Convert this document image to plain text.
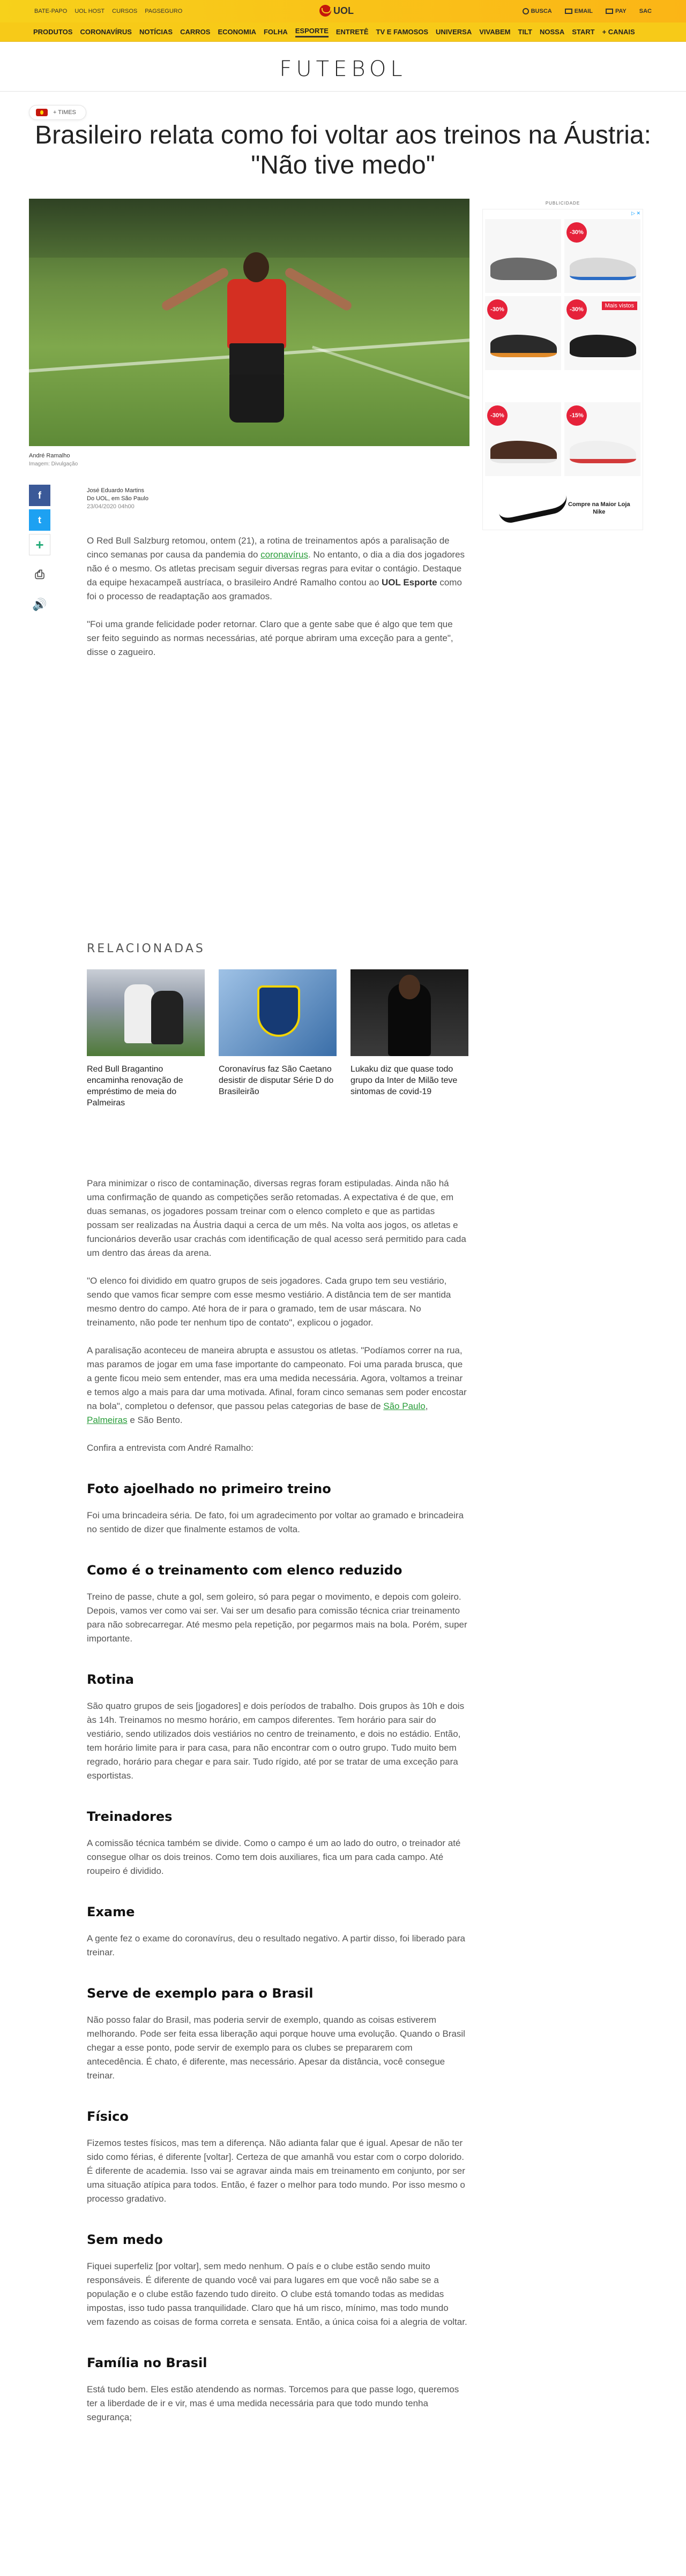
BATE-PAPO UOL HOST CURSOS PAGSEGURO	UOL	BUSCA	EMAIL	PAY SAC
PRODUTOS CORONAVÍRUS NOTÍCIAS CARROS ECONOMIA FOLHA ESPORTE ENTRETÊ TV E FAMOSOS UNIVERSA VIVABEM TILT NOSSA START + CANAIS
FUTEBOL
+ TIMES
Brasileiro relata como foi voltar aos treinos na Áustria: "Não tive medo"
André Ramalho
Imagem: Divulgação
f
t
+
⎙
🔊
José Eduardo Martins
Do UOL, em São Paulo
23/04/2020 04h00

O Red Bull Salzburg retomou, ontem (21), a rotina de treinamentos após a paralisação de cinco semanas por causa da pandemia do coronavírus. No entanto, o dia a dia dos jogadores não é o mesmo. Os atletas precisam seguir diversas regras para evitar o contágio. Destaque da equipe hexacampeã austríaca, o brasileiro André Ramalho contou ao UOL Esporte como foi o processo de readaptação aos gramados.

"Foi uma grande felicidade poder retornar. Claro que a gente sabe que é algo que tem que ser feito seguindo as normas necessárias, até porque abriram uma exceção para a gente", disse o zagueiro.

RELACIONADAS
Red Bull Bragantino encaminha renovação de empréstimo de meia do Palmeiras
Coronavírus faz São Caetano desistir de disputar Série D do Brasileirão
Lukaku diz que quase todo grupo da Inter de Milão teve sintomas de covid-19

Para minimizar o risco de contaminação, diversas regras foram estipuladas. Ainda não há uma confirmação de quando as competições serão retomadas. A expectativa é de que, em duas semanas, os jogadores possam treinar com o elenco completo e que as partidas possam ser realizadas na Áustria daqui a cerca de um mês. Na volta aos jogos, os atletas e funcionários deverão usar crachás com identificação de qual acesso será permitido para cada um dentro das áreas da arena.

"O elenco foi dividido em quatro grupos de seis jogadores. Cada grupo tem seu vestiário, sendo que vamos ficar sempre com esse mesmo vestiário. A distância tem de ser mantida mesmo dentro do campo. Até hora de ir para o gramado, tem de usar máscara. No treinamento, não pode ter nenhum tipo de contato", explicou o jogador.

A paralisação aconteceu de maneira abrupta e assustou os atletas. "Podíamos correr na rua, mas paramos de jogar em uma fase importante do campeonato. Foi uma parada brusca, que a gente ficou meio sem entender, mas era uma medida necessária. Agora, voltamos a treinar e temos algo a mais para dar uma motivada. Afinal, foram cinco semanas sem poder encostar na bola", completou o defensor, que passou pelas categorias de base de São Paulo, Palmeiras e São Bento.

Confira a entrevista com André Ramalho:

Foto ajoelhado no primeiro treino

Foi uma brincadeira séria. De fato, foi um agradecimento por voltar ao gramado e brincadeira no sentido de dizer que finalmente estamos de volta.

Como é o treinamento com elenco reduzido

Treino de passe, chute a gol, sem goleiro, só para pegar o movimento, e depois com goleiro. Depois, vamos ver como vai ser. Vai ser um desafio para comissão técnica criar treinamento para não sobrecarregar. Até mesmo pela repetição, por pegarmos mais na bola. Porém, super importante.

Rotina

São quatro grupos de seis [jogadores] e dois períodos de trabalho. Dois grupos às 10h e dois às 14h. Treinamos no mesmo horário, em campos diferentes. Tem horário para sair do vestiário, sendo utilizados dois vestiários no centro de treinamento, e dois no estádio. Então, tem horário limite para ir para casa, para não encontrar com o outro grupo. Tudo muito bem regrado, horário para chegar e para sair. Tudo rígido, até por se tratar de uma exceção para esportistas.

Treinadores

A comissão técnica também se divide. Como o campo é um ao lado do outro, o treinador até consegue olhar os dois treinos. Como tem dois auxiliares, fica um para cada campo. Até roupeiro é dividido.

Exame

A gente fez o exame do coronavírus, deu o resultado negativo. A partir disso, foi liberado para treinar.

Serve de exemplo para o Brasil

Não posso falar do Brasil, mas poderia servir de exemplo, quando as coisas estiverem melhorando. Pode ser feita essa liberação aqui porque houve uma evolução. Quando o Brasil chegar a esse ponto, pode servir de exemplo para os clubes se prepararem com antecedência. É chato, é diferente, mas necessário. Apesar da distância, você consegue treinar.

Físico

Fizemos testes físicos, mas tem a diferença. Não adianta falar que é igual. Apesar de não ter sido como férias, é diferente [voltar]. Certeza de que amanhã vou estar com o corpo dolorido. É diferente de academia. Isso vai se agravar ainda mais em treinamento em conjunto, por ser uma situação atípica para todos. Então, é fazer o melhor para todo mundo. Por isso mesmo o processo gradativo.

Sem medo

Fiquei superfeliz [por voltar], sem medo nenhum. O país e o clube estão sendo muito responsáveis. É diferente de quando você vai para lugares em que você não sabe se a população e o clube estão fazendo tudo direito. O clube está tomando todas as medidas impostas, isso tudo passa tranquilidade. Claro que há um risco, mínimo, mas todo mundo vem fazendo as coisas de forma correta e sensata. Então, a única coisa foi a alegria de voltar.

Família no Brasil

Está tudo bem. Eles estão atendendo as normas. Torcemos para que passe logo, queremos ter a liberdade de ir e vir, mas é uma medida necessária para que todo mundo tenha segurança;

PUBLICIDADE
▷ ✕
-30%
-30%	-30%
Mais vistos
-30%	-15%
Compre na Maior Loja Nike
